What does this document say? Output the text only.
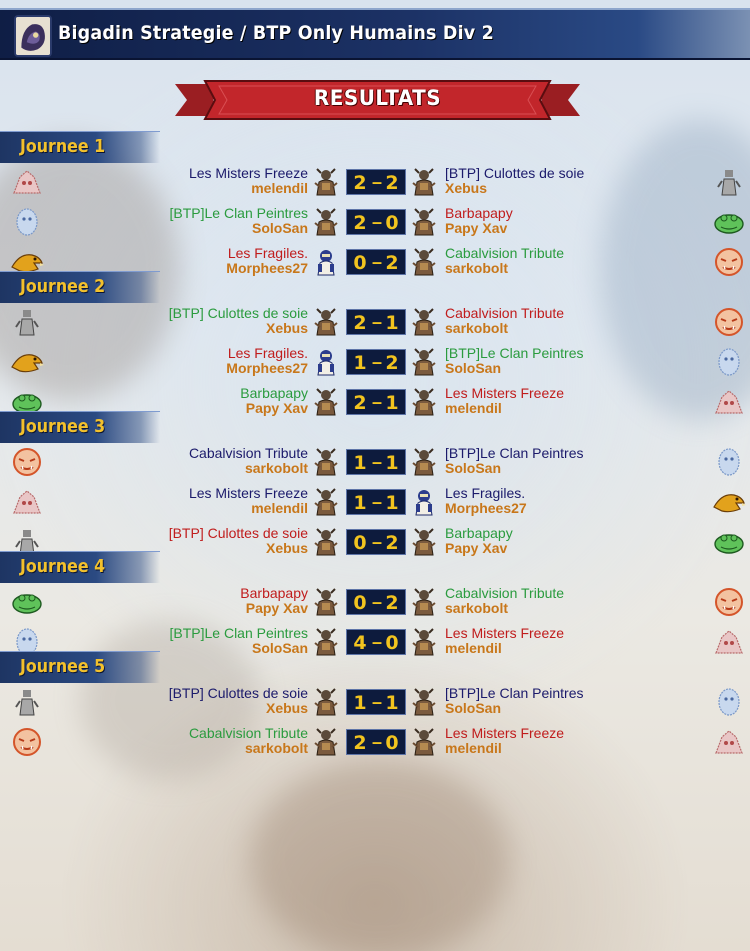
Bigadin Strategie / BTP Only Humains Div 2
RESULTATS
Journee 1
Les Misters Freeze
melendil 2 – 2	[BTP] Culottes de soie
Xebus
[BTP]Le Clan Peintres
SoloSan 2 – 0	Barbapapy
Papy Xav
Les Fragiles.
Morphees27 0 – 2	Cabalvision Tribute
sarkobolt
Journee 2
[BTP] Culottes de soie
Xebus 2 – 1	Cabalvision Tribute
sarkobolt
Les Fragiles.
Morphees27 1 – 2	[BTP]Le Clan Peintres
SoloSan
Barbapapy
Papy Xav 2 – 1	Les Misters Freeze
melendil
Journee 3
Cabalvision Tribute
sarkobolt 1 – 1	[BTP]Le Clan Peintres
SoloSan
Les Misters Freeze
melendil 1 – 1	Les Fragiles.
Morphees27
[BTP] Culottes de soie
Xebus 0 – 2	Barbapapy
Papy Xav
Journee 4
Barbapapy
Papy Xav 0 – 2	Cabalvision Tribute
sarkobolt
[BTP]Le Clan Peintres
SoloSan 4 – 0	Les Misters Freeze
melendil
Journee 5
[BTP] Culottes de soie
Xebus 1 – 1	[BTP]Le Clan Peintres
SoloSan
Cabalvision Tribute
sarkobolt 2 – 0	Les Misters Freeze
melendil
